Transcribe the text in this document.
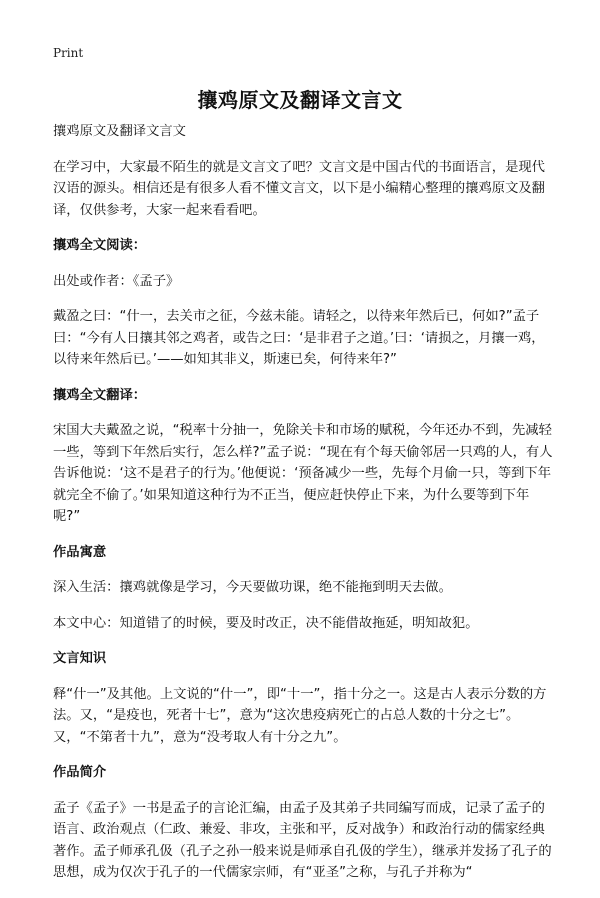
Print
攘鸡原文及翻译文言文

攘鸡原文及翻译文言文

在学习中，大家最不陌生的就是文言文了吧？文言文是中国古代的书面语言，是现代汉语的源头。相信还是有很多人看不懂文言文，以下是小编精心整理的攘鸡原文及翻译，仅供参考，大家一起来看看吧。

攘鸡全文阅读：

出处或作者：《孟子》

戴盈之曰：“什一，去关市之征，今兹未能。请轻之，以待来年然后已，何如?”孟子曰：“今有人日攘其邻之鸡者，或告之曰：‘是非君子之道。’曰：‘请损之，月攘一鸡，以待来年然后已。’——如知其非义，斯速已矣，何待来年?”

攘鸡全文翻译：

宋国大夫戴盈之说，“税率十分抽一，免除关卡和市场的赋税，今年还办不到，先减轻一些，等到下年然后实行，怎么样?”孟子说：“现在有个每天偷邻居一只鸡的人，有人告诉他说：‘这不是君子的行为。’他便说：‘预备减少一些，先每个月偷一只，等到下年就完全不偷了。’如果知道这种行为不正当，便应赶快停止下来，为什么要等到下年呢?”

作品寓意

深入生活：攘鸡就像是学习，今天要做功课，绝不能拖到明天去做。

本文中心：知道错了的时候，要及时改正，决不能借故拖延，明知故犯。

文言知识

释“什一”及其他。上文说的“什一”，即“十一”，指十分之一。这是古人表示分数的方法。又，“是疫也，死者十七”，意为“这次患疫病死亡的占总人数的十分之七”。又，“不第者十九”，意为“没考取人有十分之九”。

作品简介

孟子《孟子》一书是孟子的言论汇编，由孟子及其弟子共同编写而成，记录了孟子的语言、政治观点（仁政、兼爱、非攻，主张和平，反对战争）和政治行动的儒家经典著作。孟子师承孔伋（孔子之孙一般来说是师承自孔伋的学生），继承并发扬了孔子的思想，成为仅次于孔子的一代儒家宗师，有“亚圣”之称，与孔子并称为“
